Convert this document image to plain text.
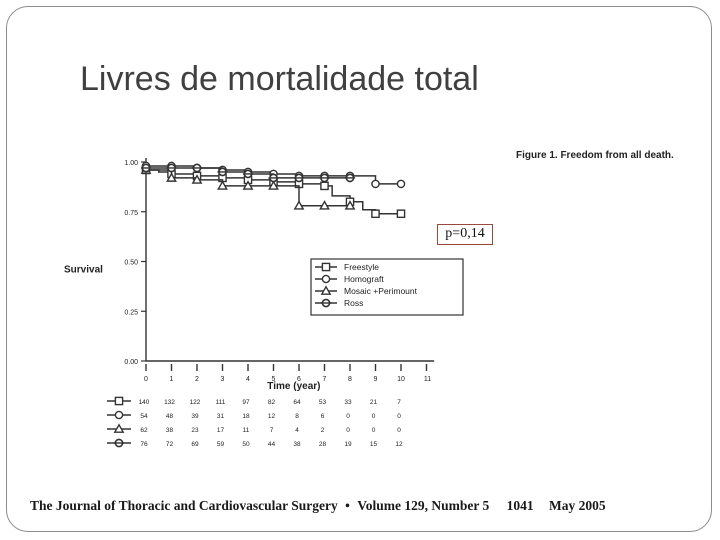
Livres de mortalidade total
0.00
0.25
0.50
0.75
1.00
0	1	2	3	4	5	6	7	8	9	10	11
Survival
Time (year)
Freestyle
Homograft
Mosaic +Perimount
Ross
140 132 122 111	97	82	64	53	33	21	7
54	48	39	31	18	12	8	6	0	0	0
62	38	23	17	11	7	4	2	0	0	0
76	72	69	59	50	44	38	28	19	15	12
Figure 1. Freedom from all death.
p=0,14
The Journal of Thoracic and Cardiovascular Surgery • Volume 129, Number 5 1041 May 2005
